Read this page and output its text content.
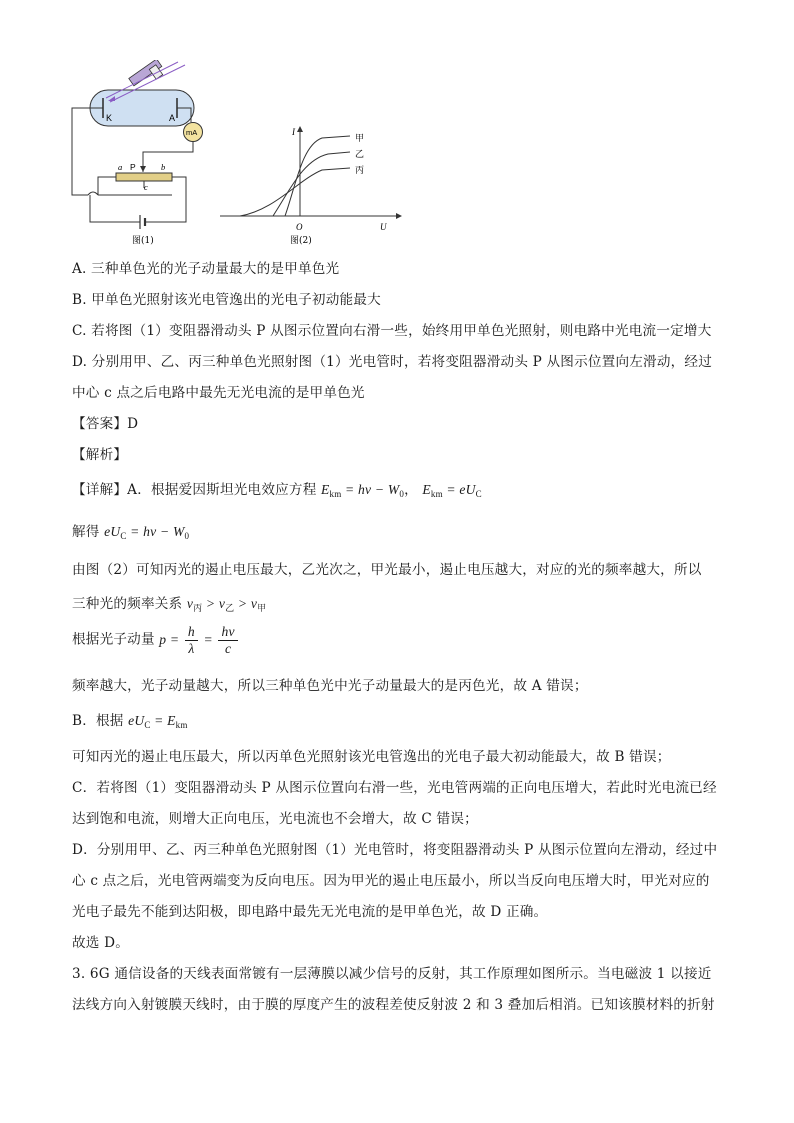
K	A
mA
a P	b
c
图(1)
I
U
O
甲
乙
丙
图(2)
A. 三种单色光的光子动量最大的是甲单色光
B. 甲单色光照射该光电管逸出的光电子初动能最大
C. 若将图（1）变阻器滑动头 P 从图示位置向右滑一些，始终用甲单色光照射，则电路中光电流一定增大
D. 分别用甲、乙、丙三种单色光照射图（1）光电管时，若将变阻器滑动头 P 从图示位置向左滑动，经过
中心 c 点之后电路中最先无光电流的是甲单色光
【答案】D
【解析】
【详解】A．根据爱因斯坦光电效应方程 $E_{km} = h\nu - W_0$， $E_{km} = eU_C$
解得 $eU_C = h\nu - W_0$
由图（2）可知丙光的遏止电压最大，乙光次之，甲光最小，遏止电压越大，对应的光的频率越大，所以
三种光的频率关系 $\nu_丙 > \nu_乙 > \nu_甲$
根据光子动量 $p = \frac{h}{\lambda} = \frac{h\nu}{c}$
频率越大，光子动量越大，所以三种单色光中光子动量最大的是丙色光，故 A 错误；
B．根据 $eU_C = E_{km}$
可知丙光的遏止电压最大，所以丙单色光照射该光电管逸出的光电子最大初动能最大，故 B 错误；
C．若将图（1）变阻器滑动头 P 从图示位置向右滑一些，光电管两端的正向电压增大，若此时光电流已经
达到饱和电流，则增大正向电压，光电流也不会增大，故 C 错误；
D．分别用甲、乙、丙三种单色光照射图（1）光电管时，将变阻器滑动头 P 从图示位置向左滑动，经过中
心 c 点之后，光电管两端变为反向电压。因为甲光的遏止电压最小，所以当反向电压增大时，甲光对应的
光电子最先不能到达阳极，即电路中最先无光电流的是甲单色光，故 D 正确。
故选 D。
3. 6G 通信设备的天线表面常镀有一层薄膜以减少信号的反射，其工作原理如图所示。当电磁波 1 以接近
法线方向入射镀膜天线时，由于膜的厚度产生的波程差使反射波 2 和 3 叠加后相消。已知该膜材料的折射
